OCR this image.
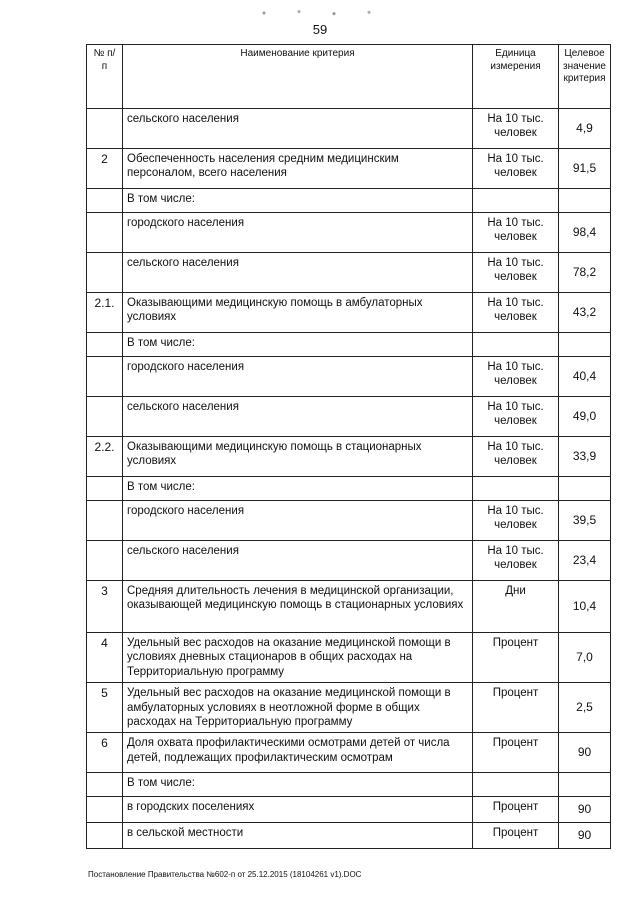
59
№ п/п	Наименование критерия	Единица измерения	Целевое значение критерия
	сельского населения	На 10 тыс. человек	4,9
2	Обеспеченность населения средним медицинским персоналом, всего населения	На 10 тыс. человек	91,5
	В том числе:		
	городского населения	На 10 тыс. человек	98,4
	сельского населения	На 10 тыс. человек	78,2
2.1.	Оказывающими медицинскую помощь в амбулаторных условиях	На 10 тыс. человек	43,2
	В том числе:		
	городского населения	На 10 тыс. человек	40,4
	сельского населения	На 10 тыс. человек	49,0
2.2.	Оказывающими медицинскую помощь в стационарных условиях	На 10 тыс. человек	33,9
	В том числе:		
	городского населения	На 10 тыс. человек	39,5
	сельского населения	На 10 тыс. человек	23,4
3	Средняя длительность лечения в медицинской организации, оказывающей медицинскую помощь в стационарных условиях	Дни	10,4
4	Удельный вес расходов на оказание медицинской помощи в условиях дневных стационаров в общих расходах на Территориальную программу	Процент	7,0
5	Удельный вес расходов на оказание медицинской помощи в амбулаторных условиях в неотложной форме в общих расходах на Территориальную программу	Процент	2,5
6	Доля охвата профилактическими осмотрами детей от числа детей, подлежащих профилактическим осмотрам	Процент	90
	В том числе:		
	в городских поселениях	Процент	90
	в сельской местности	Процент	90
Постановление Правительства №602-п от 25.12.2015 (18104261 v1).DOC
